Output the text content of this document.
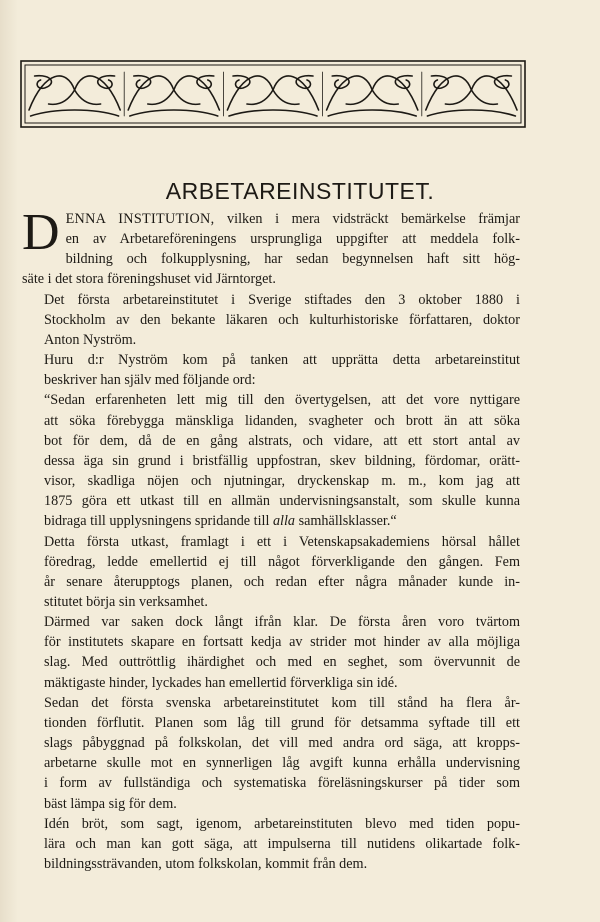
ARBETAREINSTITUTET.

D ENNA INSTITUTION, vilken i mera vidsträckt bemärkelse främjar
en av Arbetareföreningens ursprungliga uppgifter att meddela folk-
bildning och folkupplysning, har sedan begynnelsen haft sitt hög-
säte i det stora föreningshuset vid Järntorget.

Det första arbetareinstitutet i Sverige stiftades den 3 oktober 1880 i
Stockholm av den bekante läkaren och kulturhistoriske författaren, doktor
Anton Nyström.

Huru d:r Nyström kom på tanken att upprätta detta arbetareinstitut
beskriver han själv med följande ord:

“Sedan erfarenheten lett mig till den övertygelsen, att det vore nyttigare
att söka förebygga mänskliga lidanden, svagheter och brott än att söka
bot för dem, då de en gång alstrats, och vidare, att ett stort antal av
dessa äga sin grund i bristfällig uppfostran, skev bildning, fördomar, orätt-
visor, skadliga nöjen och njutningar, dryckenskap m. m., kom jag att
1875 göra ett utkast till en allmän undervisningsanstalt, som skulle kunna
bidraga till upplysningens spridande till alla samhällsklasser.“

Detta första utkast, framlagt i ett i Vetenskapsakademiens hörsal hållet
föredrag, ledde emellertid ej till något förverkligande den gången. Fem
år senare återupptogs planen, och redan efter några månader kunde in-
stitutet börja sin verksamhet.

Därmed var saken dock långt ifrån klar. De första åren voro tvärtom
för institutets skapare en fortsatt kedja av strider mot hinder av alla möjliga
slag. Med outtröttlig ihärdighet och med en seghet, som övervunnit de
mäktigaste hinder, lyckades han emellertid förverkliga sin idé.

Sedan det första svenska arbetareinstitutet kom till stånd ha flera år-
tionden förflutit. Planen som låg till grund för detsamma syftade till ett
slags påbyggnad på folkskolan, det vill med andra ord säga, att kropps-
arbetarne skulle mot en synnerligen låg avgift kunna erhålla undervisning
i form av fullständiga och systematiska föreläsningskurser på tider som
bäst lämpa sig för dem.

Idén bröt, som sagt, igenom, arbetareinstituten blevo med tiden popu-
lära och man kan gott säga, att impulserna till nutidens olikartade folk-
bildningssträvanden, utom folkskolan, kommit från dem.
